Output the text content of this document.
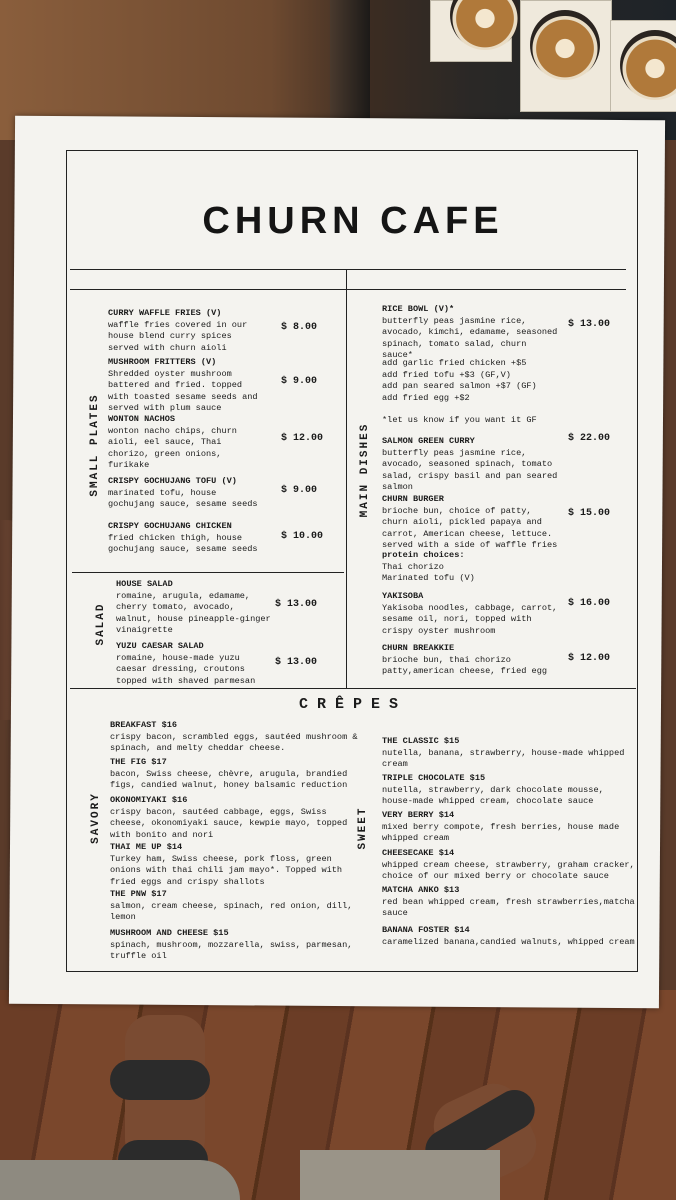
CHURN CAFE
SMALL PLATES
CURRY WAFFLE FRIES (V)
waffle fries covered in our
house blend curry spices
served with churn aioli
$ 8.00
MUSHROOM FRITTERS (V)
Shredded oyster mushroom
battered and fried. topped
with toasted sesame seeds and
served with plum sauce
$ 9.00
WONTON NACHOS
wonton nacho chips, churn
aioli, eel sauce, Thai
chorizo, green onions,
furikake
$ 12.00
CRISPY GOCHUJANG TOFU (V)
marinated tofu, house
gochujang sauce, sesame seeds
$ 9.00
CRISPY GOCHUJANG CHICKEN
fried chicken thigh, house
gochujang sauce, sesame seeds
$ 10.00
SALAD
HOUSE SALAD
romaine, arugula, edamame,
cherry tomato, avocado,
walnut, house pineapple-ginger
vinaigrette
$ 13.00
YUZU CAESAR SALAD
romaine, house-made yuzu
caesar dressing, croutons
topped with shaved parmesan
$ 13.00
MAIN DISHES
RICE BOWL (V)*
butterfly peas jasmine rice,
avocado, kimchi, edamame, seasoned
spinach, tomato salad, churn
sauce*
$ 13.00
add garlic fried chicken +$5
add fried tofu +$3 (GF,V)
add pan seared salmon +$7 (GF)
add fried egg +$2
*let us know if you want it GF
SALMON GREEN CURRY
butterfly peas jasmine rice,
avocado, seasoned spinach, tomato
salad, crispy basil and pan seared
salmon
$ 22.00
CHURN BURGER
brioche bun, choice of patty,
churn aioli, pickled papaya and
carrot, American cheese, lettuce.
served with a side of waffle fries
$ 15.00
protein choices:
Thai chorizo
Marinated tofu (V)
YAKISOBA
Yakisoba noodles, cabbage, carrot,
sesame oil, nori, topped with
crispy oyster mushroom
$ 16.00
CHURN BREAKKIE
brioche bun, thai chorizo
patty,american cheese, fried egg
$ 12.00
CRÊPES
SAVORY	SWEET
BREAKFAST $16
crispy bacon, scrambled eggs, sautéed mushroom &
spinach, and melty cheddar cheese.
THE FIG $17
bacon, Swiss cheese, chèvre, arugula, brandied
figs, candied walnut, honey balsamic reduction
OKONOMIYAKI $16
crispy bacon, sautéed cabbage, eggs, Swiss
cheese, okonomiyaki sauce, kewpie mayo, topped
with bonito and nori
THAI ME UP $14
Turkey ham, Swiss cheese, pork floss, green
onions with thai chili jam mayo*. Topped with
fried eggs and crispy shallots
THE PNW $17
salmon, cream cheese, spinach, red onion, dill,
lemon
MUSHROOM AND CHEESE $15
spinach, mushroom, mozzarella, swiss, parmesan,
truffle oil
THE CLASSIC $15
nutella, banana, strawberry, house-made whipped
cream
TRIPLE CHOCOLATE $15
nutella, strawberry, dark chocolate mousse,
house-made whipped cream, chocolate sauce
VERY BERRY $14
mixed berry compote, fresh berries, house made
whipped cream
CHEESECAKE $14
whipped cream cheese, strawberry, graham cracker,
choice of our mixed berry or chocolate sauce
MATCHA ANKO $13
red bean whipped cream, fresh strawberries,matcha
sauce
BANANA FOSTER $14
caramelized banana,candied walnuts, whipped cream
